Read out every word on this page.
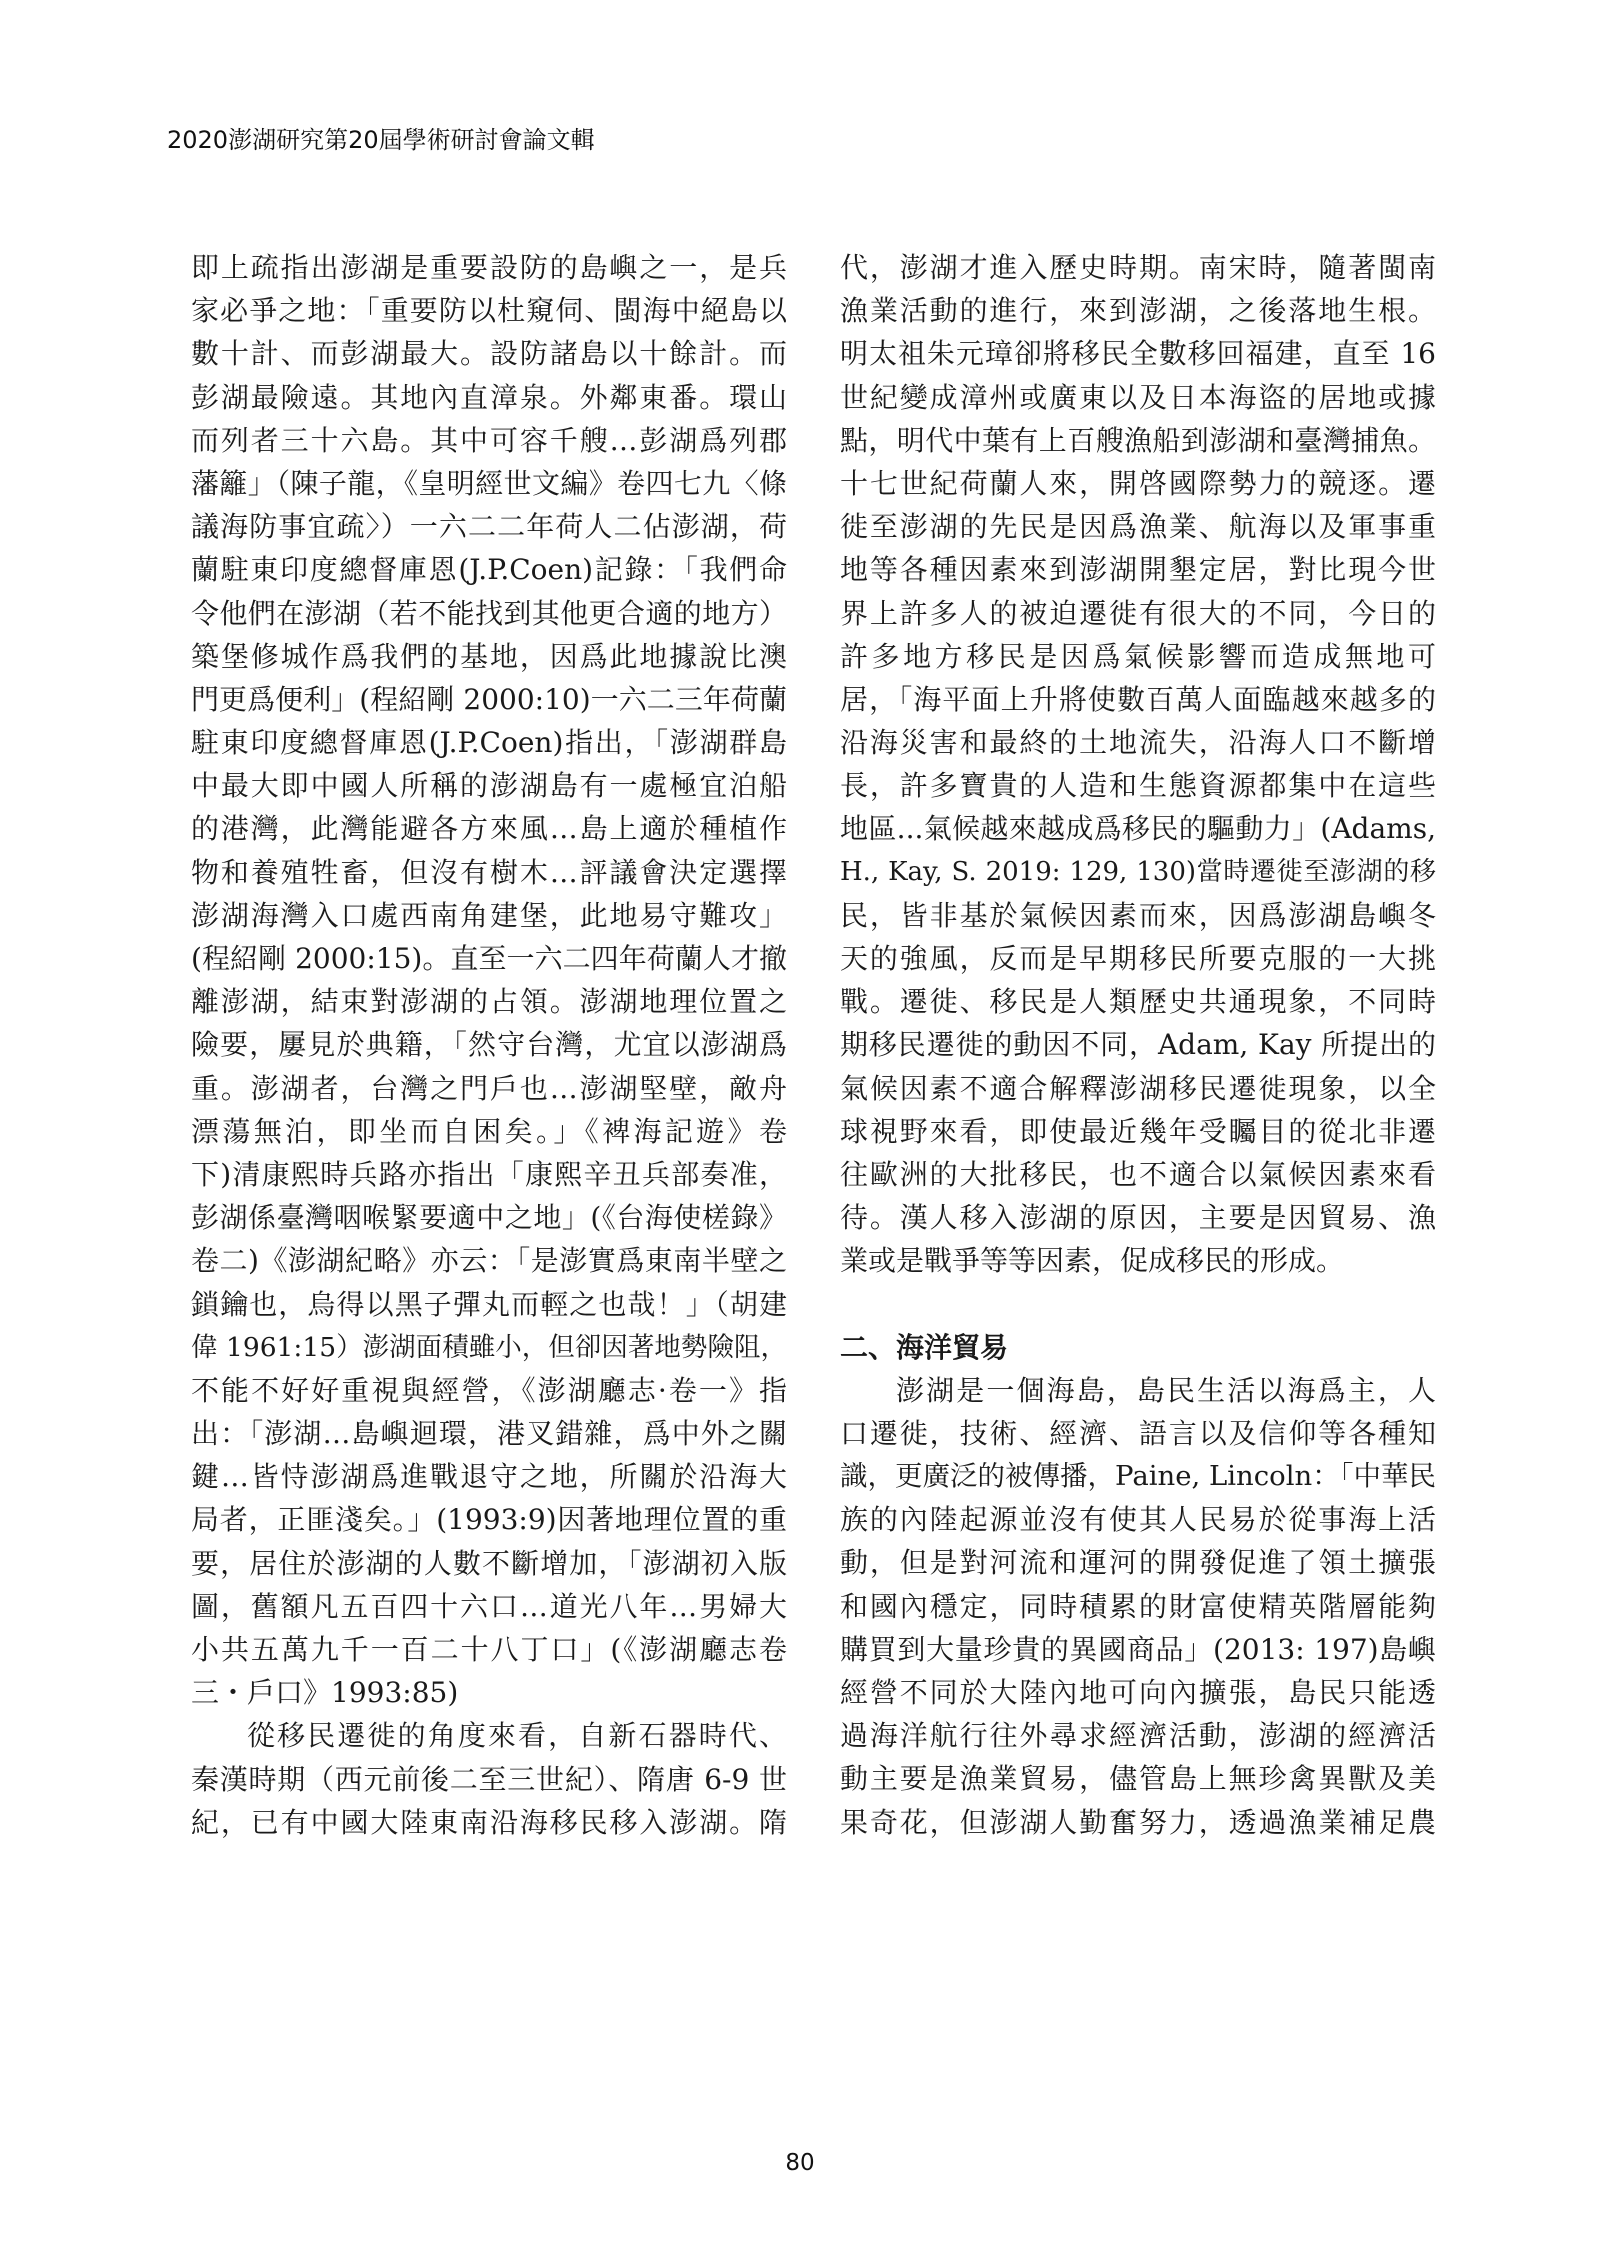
2020澎湖研究第20屆學術研討會論文輯
即上疏指出澎湖是重要設防的島嶼之一，是兵
家必爭之地：「重要防以杜窺伺、閩海中絕島以
數十計、而彭湖最大。設防諸島以十餘計。而
彭湖最險遠。其地內直漳泉。外鄰東番。環山
而列者三十六島。其中可容千艘…彭湖爲列郡
藩籬」（陳子龍，《皇明經世文編》卷四七九〈條
議海防事宜疏〉）一六二二年荷人二佔澎湖，荷
蘭駐東印度總督庫恩(J.P.Coen)記錄：「我們命
令他們在澎湖（若不能找到其他更合適的地方）
築堡修城作爲我們的基地，因爲此地據說比澳
門更爲便利」(程紹剛 2000:10)一六二三年荷蘭
駐東印度總督庫恩(J.P.Coen)指出，「澎湖群島
中最大即中國人所稱的澎湖島有一處極宜泊船
的港灣，此灣能避各方來風…島上適於種植作
物和養殖牲畜，但沒有樹木…評議會決定選擇
澎湖海灣入口處西南角建堡，此地易守難攻」
(程紹剛 2000:15)。直至一六二四年荷蘭人才撤
離澎湖，結束對澎湖的占領。澎湖地理位置之
險要，屢見於典籍，「然守台灣，尤宜以澎湖爲
重。澎湖者，台灣之門戶也…澎湖堅壁，敵舟
漂蕩無泊，即坐而自困矣。」《裨海記遊》卷
下)清康熙時兵路亦指出「康熙辛丑兵部奏准，
彭湖係臺灣咽喉緊要適中之地」(《台海使槎錄》
卷二)《澎湖紀略》亦云：「是澎實爲東南半壁之
鎖鑰也，烏得以黑子彈丸而輕之也哉！」（胡建
偉 1961:15）澎湖面積雖小，但卻因著地勢險阻，
不能不好好重視與經營，《澎湖廳志·卷一》指
出：「澎湖…島嶼迴環，港叉錯雜，爲中外之關
鍵…皆恃澎湖爲進戰退守之地，所關於沿海大
局者，正匪淺矣。」(1993:9)因著地理位置的重
要，居住於澎湖的人數不斷增加，「澎湖初入版
圖，舊額凡五百四十六口…道光八年…男婦大
小共五萬九千一百二十八丁口」(《澎湖廳志卷
三・戶口》1993:85)
從移民遷徙的角度來看，自新石器時代、
秦漢時期（西元前後二至三世紀）、隋唐 6-9 世
紀，已有中國大陸東南沿海移民移入澎湖。隋
代，澎湖才進入歷史時期。南宋時，隨著閩南
漁業活動的進行，來到澎湖，之後落地生根。
明太祖朱元璋卻將移民全數移回福建，直至 16
世紀變成漳州或廣東以及日本海盜的居地或據
點，明代中葉有上百艘漁船到澎湖和臺灣捕魚。
十七世紀荷蘭人來，開啓國際勢力的競逐。遷
徙至澎湖的先民是因爲漁業、航海以及軍事重
地等各種因素來到澎湖開墾定居，對比現今世
界上許多人的被迫遷徙有很大的不同，今日的
許多地方移民是因爲氣候影響而造成無地可
居，「海平面上升將使數百萬人面臨越來越多的
沿海災害和最終的土地流失，沿海人口不斷增
長，許多寶貴的人造和生態資源都集中在這些
地區...氣候越來越成爲移民的驅動力」(Adams,
H., Kay, S. 2019: 129, 130)當時遷徙至澎湖的移
民，皆非基於氣候因素而來，因爲澎湖島嶼冬
天的強風，反而是早期移民所要克服的一大挑
戰。遷徙、移民是人類歷史共通現象，不同時
期移民遷徙的動因不同，Adam, Kay 所提出的
氣候因素不適合解釋澎湖移民遷徙現象，以全
球視野來看，即使最近幾年受矚目的從北非遷
往歐洲的大批移民，也不適合以氣候因素來看
待。漢人移入澎湖的原因，主要是因貿易、漁
業或是戰爭等等因素，促成移民的形成。
二、海洋貿易
澎湖是一個海島，島民生活以海爲主，人
口遷徙，技術、經濟、語言以及信仰等各種知
識，更廣泛的被傳播，Paine, Lincoln：「中華民
族的內陸起源並沒有使其人民易於從事海上活
動，但是對河流和運河的開發促進了領土擴張
和國內穩定，同時積累的財富使精英階層能夠
購買到大量珍貴的異國商品」(2013: 197)島嶼
經營不同於大陸內地可向內擴張，島民只能透
過海洋航行往外尋求經濟活動，澎湖的經濟活
動主要是漁業貿易，儘管島上無珍禽異獸及美
果奇花，但澎湖人勤奮努力，透過漁業補足農
80
